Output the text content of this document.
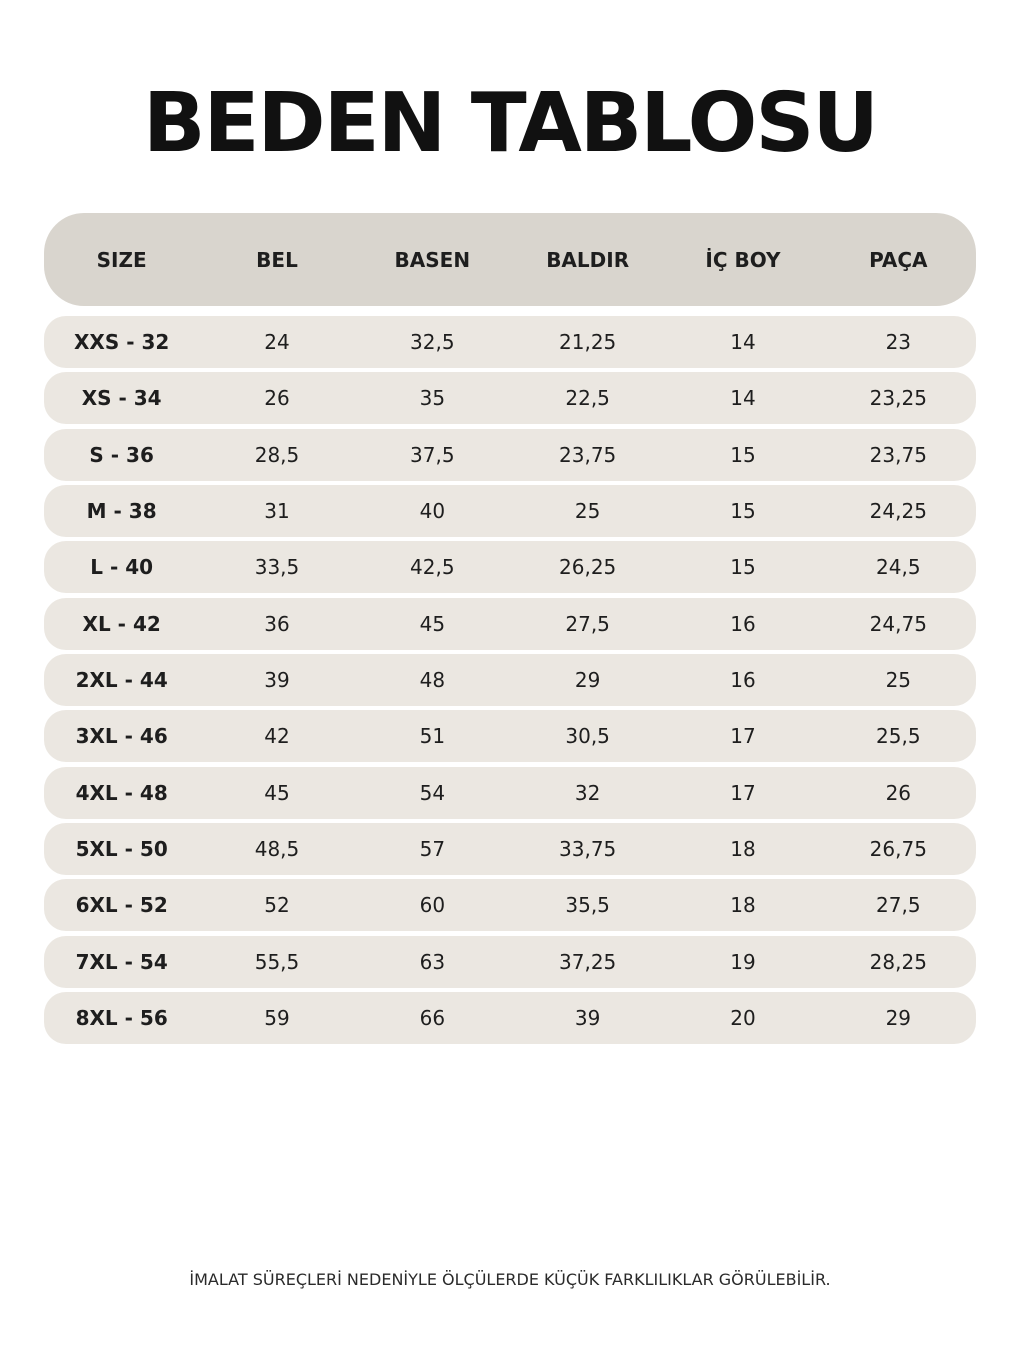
BEDEN TABLOSU
SIZE	BEL	BASEN	BALDIR	İÇ BOY	PAÇA
XXS - 32	24	32,5	21,25	14	23
XS - 34	26	35	22,5	14	23,25
S - 36	28,5	37,5	23,75	15	23,75
M - 38	31	40	25	15	24,25
L - 40	33,5	42,5	26,25	15	24,5
XL - 42	36	45	27,5	16	24,75
2XL - 44	39	48	29	16	25
3XL - 46	42	51	30,5	17	25,5
4XL - 48	45	54	32	17	26
5XL - 50	48,5	57	33,75	18	26,75
6XL - 52	52	60	35,5	18	27,5
7XL - 54	55,5	63	37,25	19	28,25
8XL - 56	59	66	39	20	29
İMALAT SÜREÇLERİ NEDENİYLE ÖLÇÜLERDE KÜÇÜK FARKLILIKLAR GÖRÜLEBİLİR.
